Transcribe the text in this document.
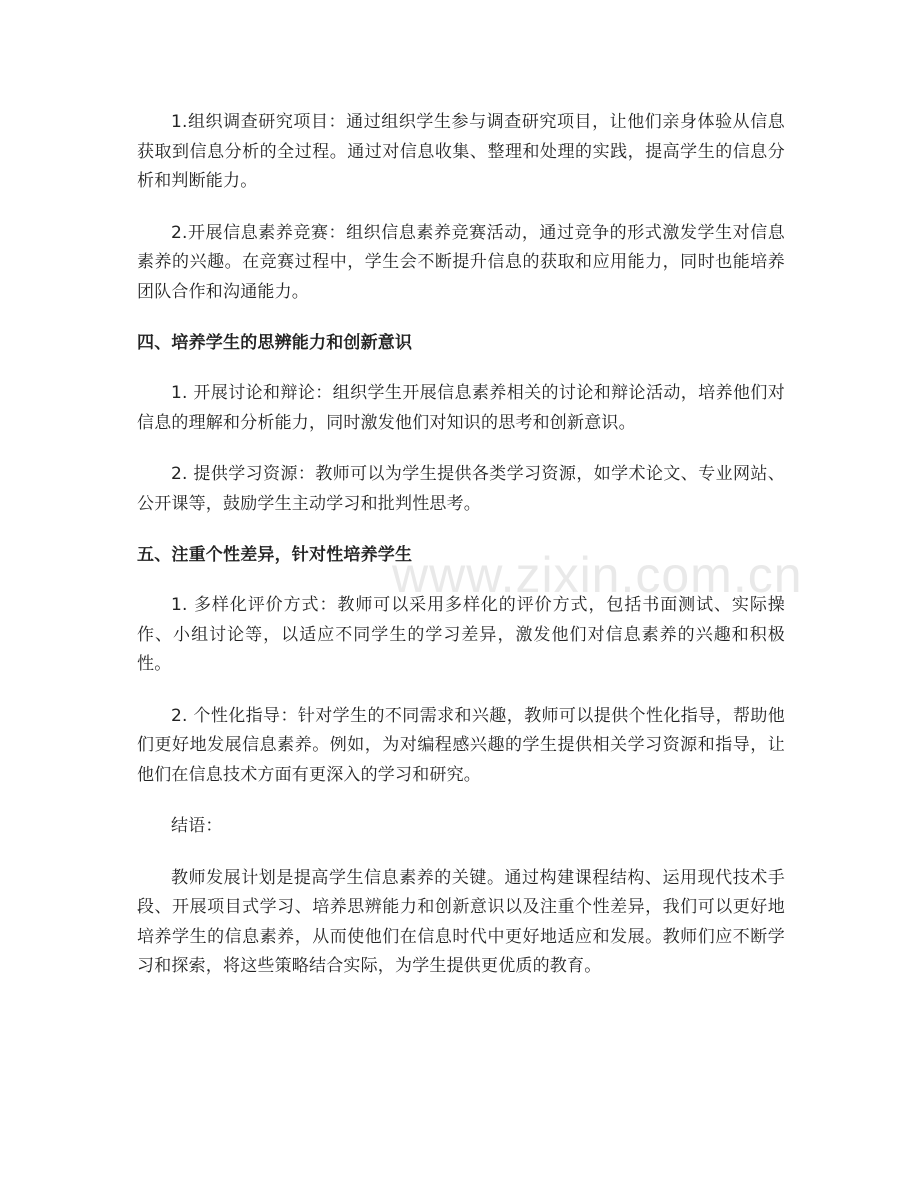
www.zixin.com.cn

1.组织调查研究项目：通过组织学生参与调查研究项目，让他们亲身体验从信息获取到信息分析的全过程。通过对信息收集、整理和处理的实践，提高学生的信息分析和判断能力。

2.开展信息素养竞赛：组织信息素养竞赛活动，通过竞争的形式激发学生对信息素养的兴趣。在竞赛过程中，学生会不断提升信息的获取和应用能力，同时也能培养团队合作和沟通能力。

四、培养学生的思辨能力和创新意识

1. 开展讨论和辩论：组织学生开展信息素养相关的讨论和辩论活动，培养他们对信息的理解和分析能力，同时激发他们对知识的思考和创新意识。

2. 提供学习资源：教师可以为学生提供各类学习资源，如学术论文、专业网站、公开课等，鼓励学生主动学习和批判性思考。

五、注重个性差异，针对性培养学生

1. 多样化评价方式：教师可以采用多样化的评价方式，包括书面测试、实际操作、小组讨论等，以适应不同学生的学习差异，激发他们对信息素养的兴趣和积极性。

2. 个性化指导：针对学生的不同需求和兴趣，教师可以提供个性化指导，帮助他们更好地发展信息素养。例如，为对编程感兴趣的学生提供相关学习资源和指导，让他们在信息技术方面有更深入的学习和研究。

结语：

教师发展计划是提高学生信息素养的关键。通过构建课程结构、运用现代技术手段、开展项目式学习、培养思辨能力和创新意识以及注重个性差异，我们可以更好地培养学生的信息素养，从而使他们在信息时代中更好地适应和发展。教师们应不断学习和探索，将这些策略结合实际，为学生提供更优质的教育。
